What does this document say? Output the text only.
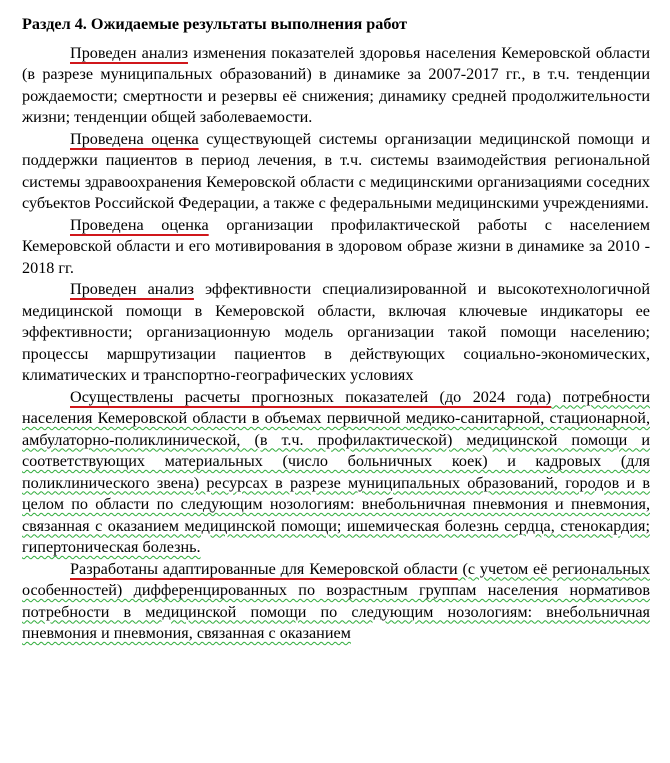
Раздел 4. Ожидаемые результаты выполнения работ

Проведен анализ изменения показателей здоровья населения Кемеровской области (в разрезе муниципальных образований) в динамике за 2007-2017 гг., в т.ч. тенденции рождаемости; смертности и резервы её снижения; динамику средней продолжительности жизни; тенденции общей заболеваемости.

Проведена оценка существующей системы организации медицинской помощи и поддержки пациентов в период лечения, в т.ч. системы взаимодействия региональной системы здравоохранения Кемеровской области с медицинскими организациями соседних субъектов Российской Федерации, а также с федеральными медицинскими учреждениями.

Проведена оценка организации профилактической работы с населением Кемеровской области и его мотивирования в здоровом образе жизни в динамике за 2010 - 2018 гг.

Проведен анализ эффективности специализированной и высокотехнологичной медицинской помощи в Кемеровской области, включая ключевые индикаторы ее эффективности; организационную модель организации такой помощи населению; процессы маршрутизации пациентов в действующих социально-экономических, климатических и транспортно-географических условиях

Осуществлены расчеты прогнозных показателей (до 2024 года) потребности населения Кемеровской области в объемах первичной медико-санитарной, стационарной, амбулаторно-поликлинической, (в т.ч. профилактической) медицинской помощи и соответствующих материальных (число больничных коек) и кадровых (для поликлинического звена) ресурсах в разрезе муниципальных образований, городов и в целом по области по следующим нозологиям: внебольничная пневмония и пневмония, связанная с оказанием медицинской помощи; ишемическая болезнь сердца, стенокардия; гипертоническая болезнь.

Разработаны адаптированные для Кемеровской области (с учетом её региональных особенностей) дифференцированных по возрастным группам населения нормативов потребности в медицинской помощи по следующим нозологиям: внебольничная пневмония и пневмония, связанная с оказанием
